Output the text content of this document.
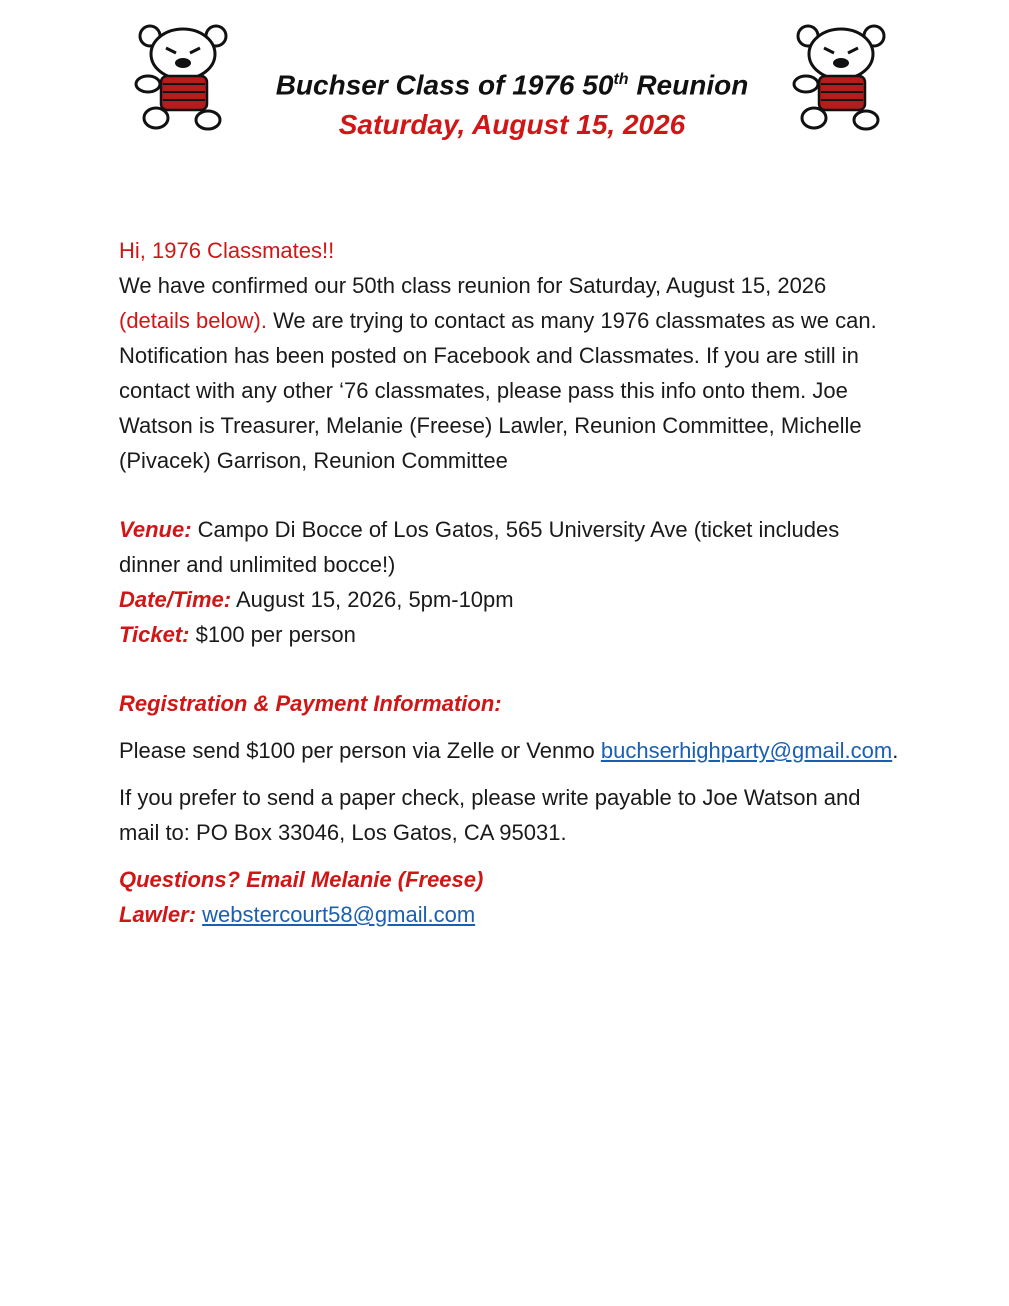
Buchser Class of 1976 50th Reunion
Saturday, August 15, 2026

Hi, 1976 Classmates!!

We have confirmed our 50th class reunion for Saturday, August 15, 2026 (details below). We are trying to contact as many 1976 classmates as we can. Notification has been posted on Facebook and Classmates. If you are still in contact with any other ‘76 classmates, please pass this info onto them. Joe Watson is Treasurer, Melanie (Freese) Lawler, Reunion Committee, Michelle (Pivacek) Garrison, Reunion Committee

Venue: Campo Di Bocce of Los Gatos, 565 University Ave (ticket includes dinner and unlimited bocce!)

Date/Time: August 15, 2026, 5pm-10pm

Ticket: $100 per person

Registration & Payment Information:

Please send $100 per person via Zelle or Venmo buchserhighparty@gmail.com.

If you prefer to send a paper check, please write payable to Joe Watson and mail to: PO Box 33046, Los Gatos, CA 95031.

Questions? Email Melanie (Freese) Lawler: webstercourt58@gmail.com
